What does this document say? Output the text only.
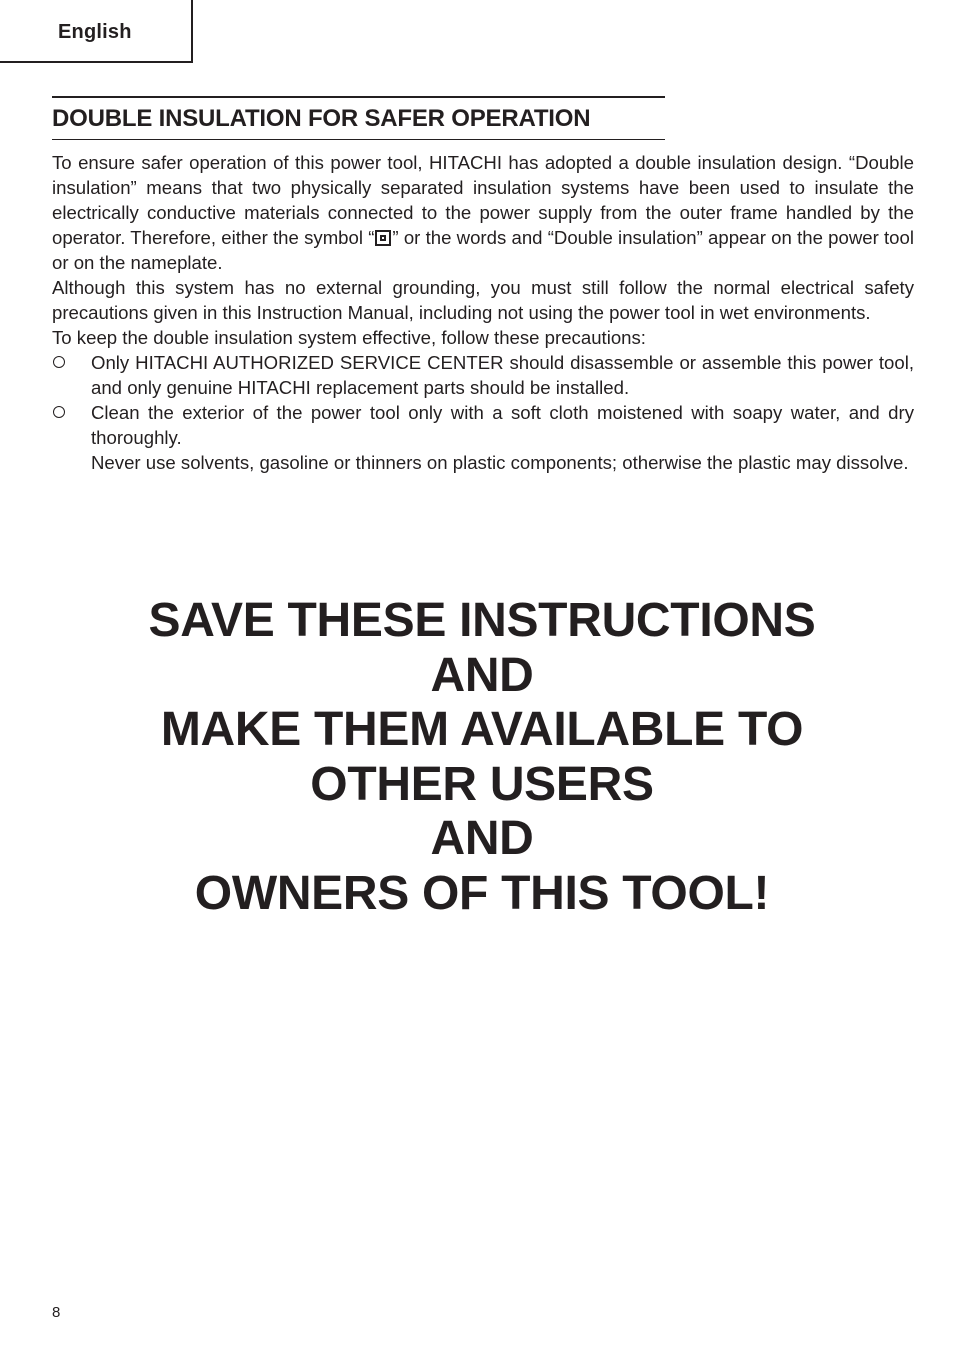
English
DOUBLE INSULATION FOR SAFER OPERATION

To ensure safer operation of this power tool, HITACHI has adopted a double insulation design. “Double insulation” means that two physically separated insulation systems have been used to insulate the electrically conductive materials connected to the power supply from the outer frame handled by the operator. Therefore, either the symbol “ ” or the words and “Double insulation” appear on the power tool or on the nameplate.

Although this system has no external grounding, you must still follow the normal electrical safety precautions given in this Instruction Manual, including not using the power tool in wet environments.

To keep the double insulation system effective, follow these precautions:

Only HITACHI AUTHORIZED SERVICE CENTER should disassemble or assemble this power tool, and only genuine HITACHI replacement parts should be installed.

Clean the exterior of the power tool only with a soft cloth moistened with soapy water, and dry thoroughly.

Never use solvents, gasoline or thinners on plastic components; otherwise the plastic may dissolve.

SAVE THESE INSTRUCTIONS
AND
MAKE THEM AVAILABLE TO
OTHER USERS
AND
OWNERS OF THIS TOOL!
8
